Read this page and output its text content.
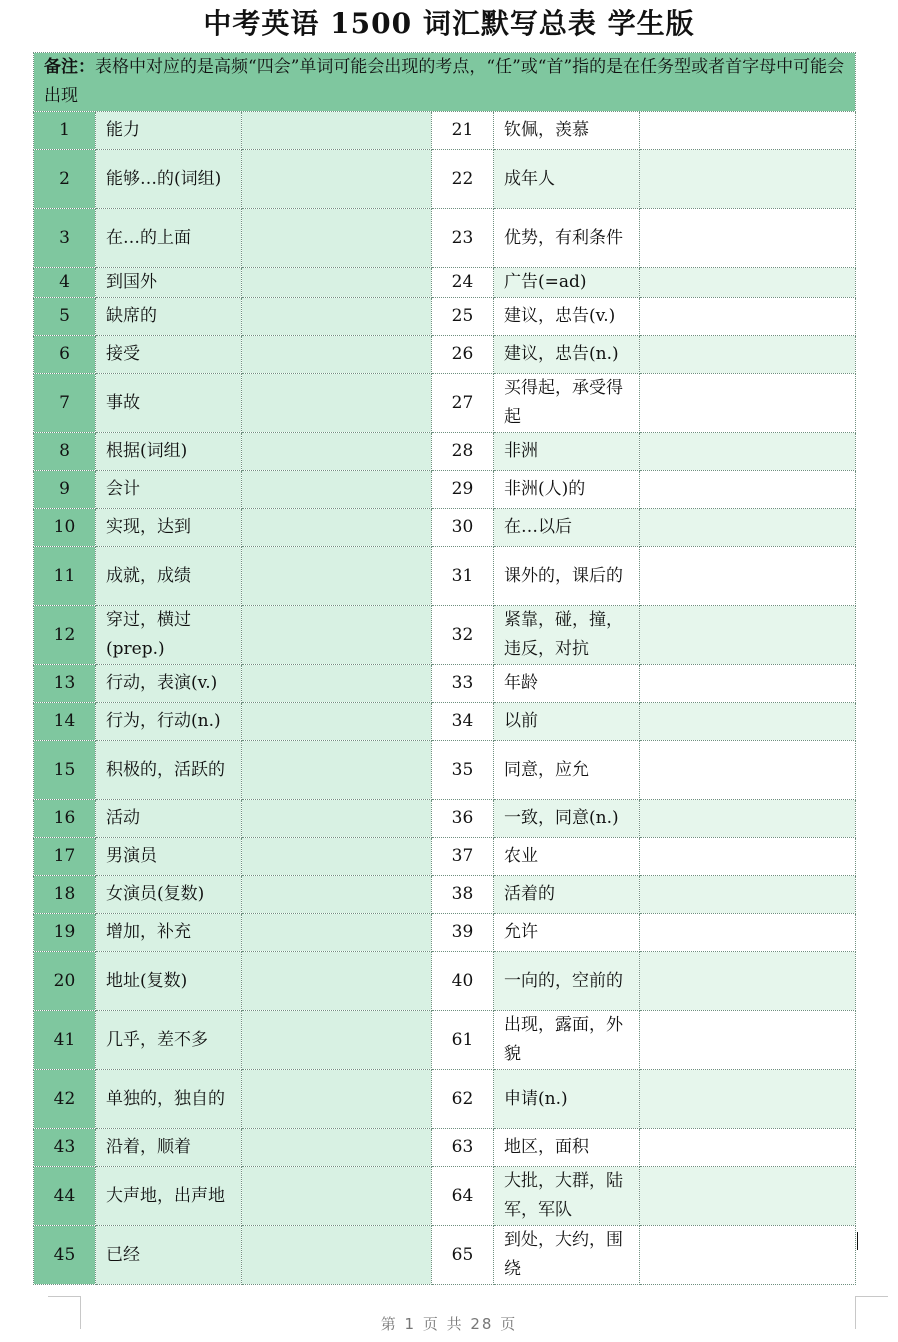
中考英语 1500 词汇默写总表 学生版
备注：表格中对应的是高频“四会”单词可能会出现的考点，“任”或“首”指的是在任务型或者首字母中可能会出现					
1	能力		21	钦佩，羡慕	
2	能够…的(词组)		22	成年人	
3	在…的上面		23	优势，有利条件	
4	到国外		24	广告(=ad)	
5	缺席的		25	建议，忠告(v.)	
6	接受		26	建议，忠告(n.)	
7	事故		27	买得起，承受得起	
8	根据(词组)		28	非洲	
9	会计		29	非洲(人)的	
10	实现，达到		30	在…以后	
11	成就，成绩		31	课外的，课后的	
12	穿过，横过(prep.)		32	紧靠，碰，撞，违反，对抗	
13	行动，表演(v.)		33	年龄	
14	行为，行动(n.)		34	以前	
15	积极的，活跃的		35	同意，应允	
16	活动		36	一致，同意(n.)	
17	男演员		37	农业	
18	女演员(复数)		38	活着的	
19	增加，补充		39	允许	
20	地址(复数)		40	一向的，空前的	
41	几乎，差不多		61	出现，露面，外貌	
42	单独的，独自的		62	申请(n.)	
43	沿着，顺着		63	地区，面积	
44	大声地，出声地		64	大批，大群，陆军，军队	
45	已经		65	到处，大约，围绕	
第 1 页 共 28 页
